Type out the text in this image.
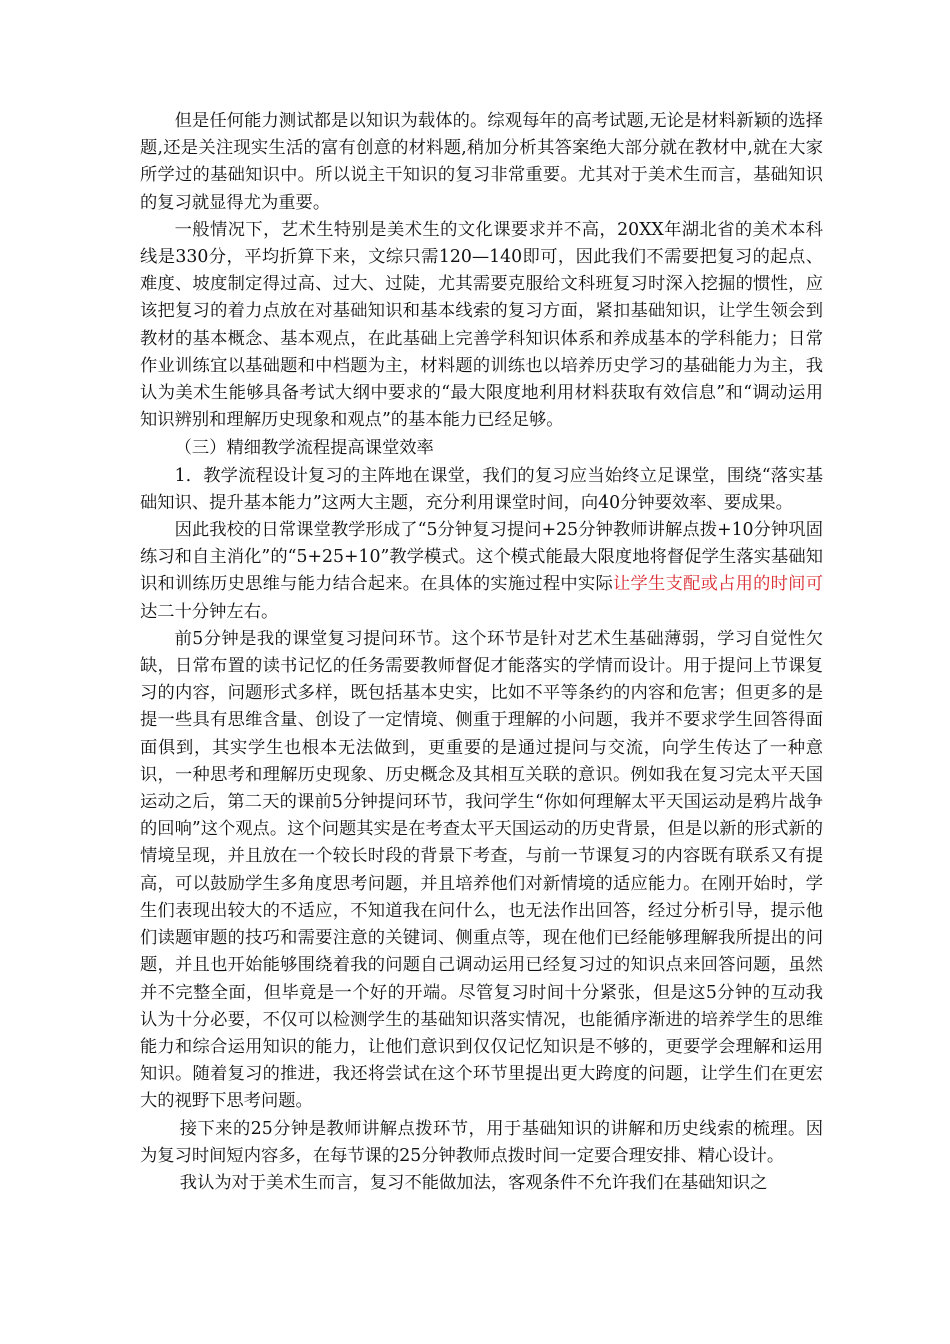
但是任何能力测试都是以知识为载体的。综观每年的高考试题,无论是材料新颖的选择题,还是关注现实生活的富有创意的材料题,稍加分析其答案绝大部分就在教材中,就在大家所学过的基础知识中。所以说主干知识的复习非常重要。尤其对于美术生而言，基础知识的复习就显得尤为重要。

一般情况下，艺术生特别是美术生的文化课要求并不高，20XX年湖北省的美术本科线是330分，平均折算下来，文综只需120—140即可，因此我们不需要把复习的起点、难度、坡度制定得过高、过大、过陡，尤其需要克服给文科班复习时深入挖掘的惯性，应该把复习的着力点放在对基础知识和基本线索的复习方面，紧扣基础知识，让学生领会到教材的基本概念、基本观点，在此基础上完善学科知识体系和养成基本的学科能力；日常作业训练宜以基础题和中档题为主，材料题的训练也以培养历史学习的基础能力为主，我认为美术生能够具备考试大纲中要求的“最大限度地利用材料获取有效信息”和“调动运用知识辨别和理解历史现象和观点”的基本能力已经足够。

（三）精细教学流程提高课堂效率

1．教学流程设计复习的主阵地在课堂，我们的复习应当始终立足课堂，围绕“落实基础知识、提升基本能力”这两大主题，充分利用课堂时间，向40分钟要效率、要成果。

因此我校的日常课堂教学形成了“5分钟复习提问+25分钟教师讲解点拨+10分钟巩固练习和自主消化”的“5+25+10”教学模式。这个模式能最大限度地将督促学生落实基础知识和训练历史思维与能力结合起来。在具体的实施过程中实际让学生支配或占用的时间可达二十分钟左右。

前5分钟是我的课堂复习提问环节。这个环节是针对艺术生基础薄弱，学习自觉性欠缺，日常布置的读书记忆的任务需要教师督促才能落实的学情而设计。用于提问上节课复习的内容，问题形式多样，既包括基本史实，比如不平等条约的内容和危害；但更多的是提一些具有思维含量、创设了一定情境、侧重于理解的小问题，我并不要求学生回答得面面俱到，其实学生也根本无法做到，更重要的是通过提问与交流，向学生传达了一种意识，一种思考和理解历史现象、历史概念及其相互关联的意识。例如我在复习完太平天国运动之后，第二天的课前5分钟提问环节，我问学生“你如何理解太平天国运动是鸦片战争的回响”这个观点。这个问题其实是在考查太平天国运动的历史背景，但是以新的形式新的情境呈现，并且放在一个较长时段的背景下考查，与前一节课复习的内容既有联系又有提高，可以鼓励学生多角度思考问题，并且培养他们对新情境的适应能力。在刚开始时，学生们表现出较大的不适应，不知道我在问什么，也无法作出回答，经过分析引导，提示他们读题审题的技巧和需要注意的关键词、侧重点等，现在他们已经能够理解我所提出的问题，并且也开始能够围绕着我的问题自己调动运用已经复习过的知识点来回答问题，虽然并不完整全面，但毕竟是一个好的开端。尽管复习时间十分紧张，但是这5分钟的互动我认为十分必要，不仅可以检测学生的基础知识落实情况，也能循序渐进的培养学生的思维能力和综合运用知识的能力，让他们意识到仅仅记忆知识是不够的，更要学会理解和运用知识。随着复习的推进，我还将尝试在这个环节里提出更大跨度的问题，让学生们在更宏大的视野下思考问题。

接下来的25分钟是教师讲解点拨环节，用于基础知识的讲解和历史线索的梳理。因为复习时间短内容多，在每节课的25分钟教师点拨时间一定要合理安排、精心设计。

我认为对于美术生而言，复习不能做加法，客观条件不允许我们在基础知识之
